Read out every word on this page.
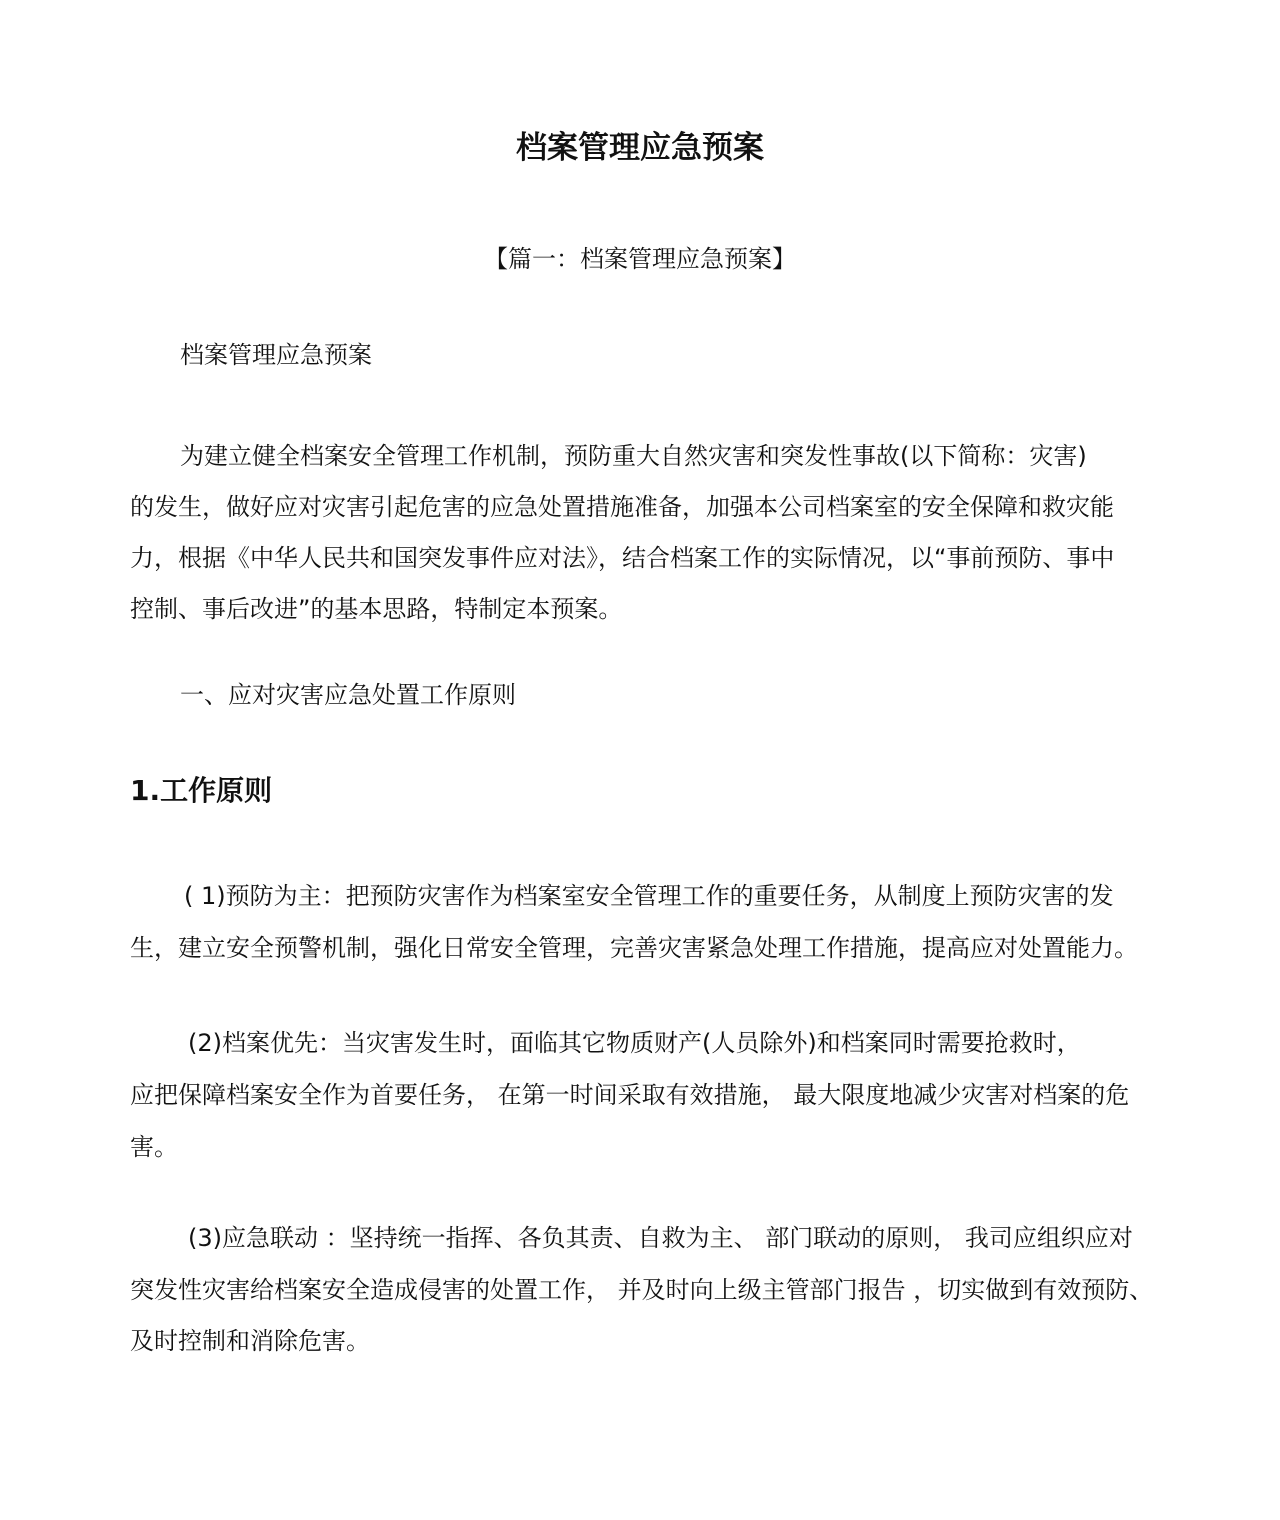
档案管理应急预案
【篇一：档案管理应急预案】
档案管理应急预案
为建立健全档案安全管理工作机制，预防重大自然灾害和突发性事故(以下简称：灾害)
的发生，做好应对灾害引起危害的应急处置措施准备，加强本公司档案室的安全保障和救灾能
力，根据《中华人民共和国突发事件应对法》，结合档案工作的实际情况，以“事前预防、事中
控制、事后改进”的基本思路，特制定本预案。
一、应对灾害应急处置工作原则
1.工作原则
( 1)预防为主：把预防灾害作为档案室安全管理工作的重要任务，从制度上预防灾害的发
生，建立安全预警机制，强化日常安全管理，完善灾害紧急处理工作措施，提高应对处置能力。
(2)档案优先：当灾害发生时，面临其它物质财产(人员除外)和档案同时需要抢救时，
应把保障档案安全作为首要任务， 在第一时间采取有效措施， 最大限度地减少灾害对档案的危
害。
(3)应急联动 ：坚持统一指挥、各负其责、自救为主、 部门联动的原则， 我司应组织应对
突发性灾害给档案安全造成侵害的处置工作， 并及时向上级主管部门报告 ，切实做到有效预防、
及时控制和消除危害。
